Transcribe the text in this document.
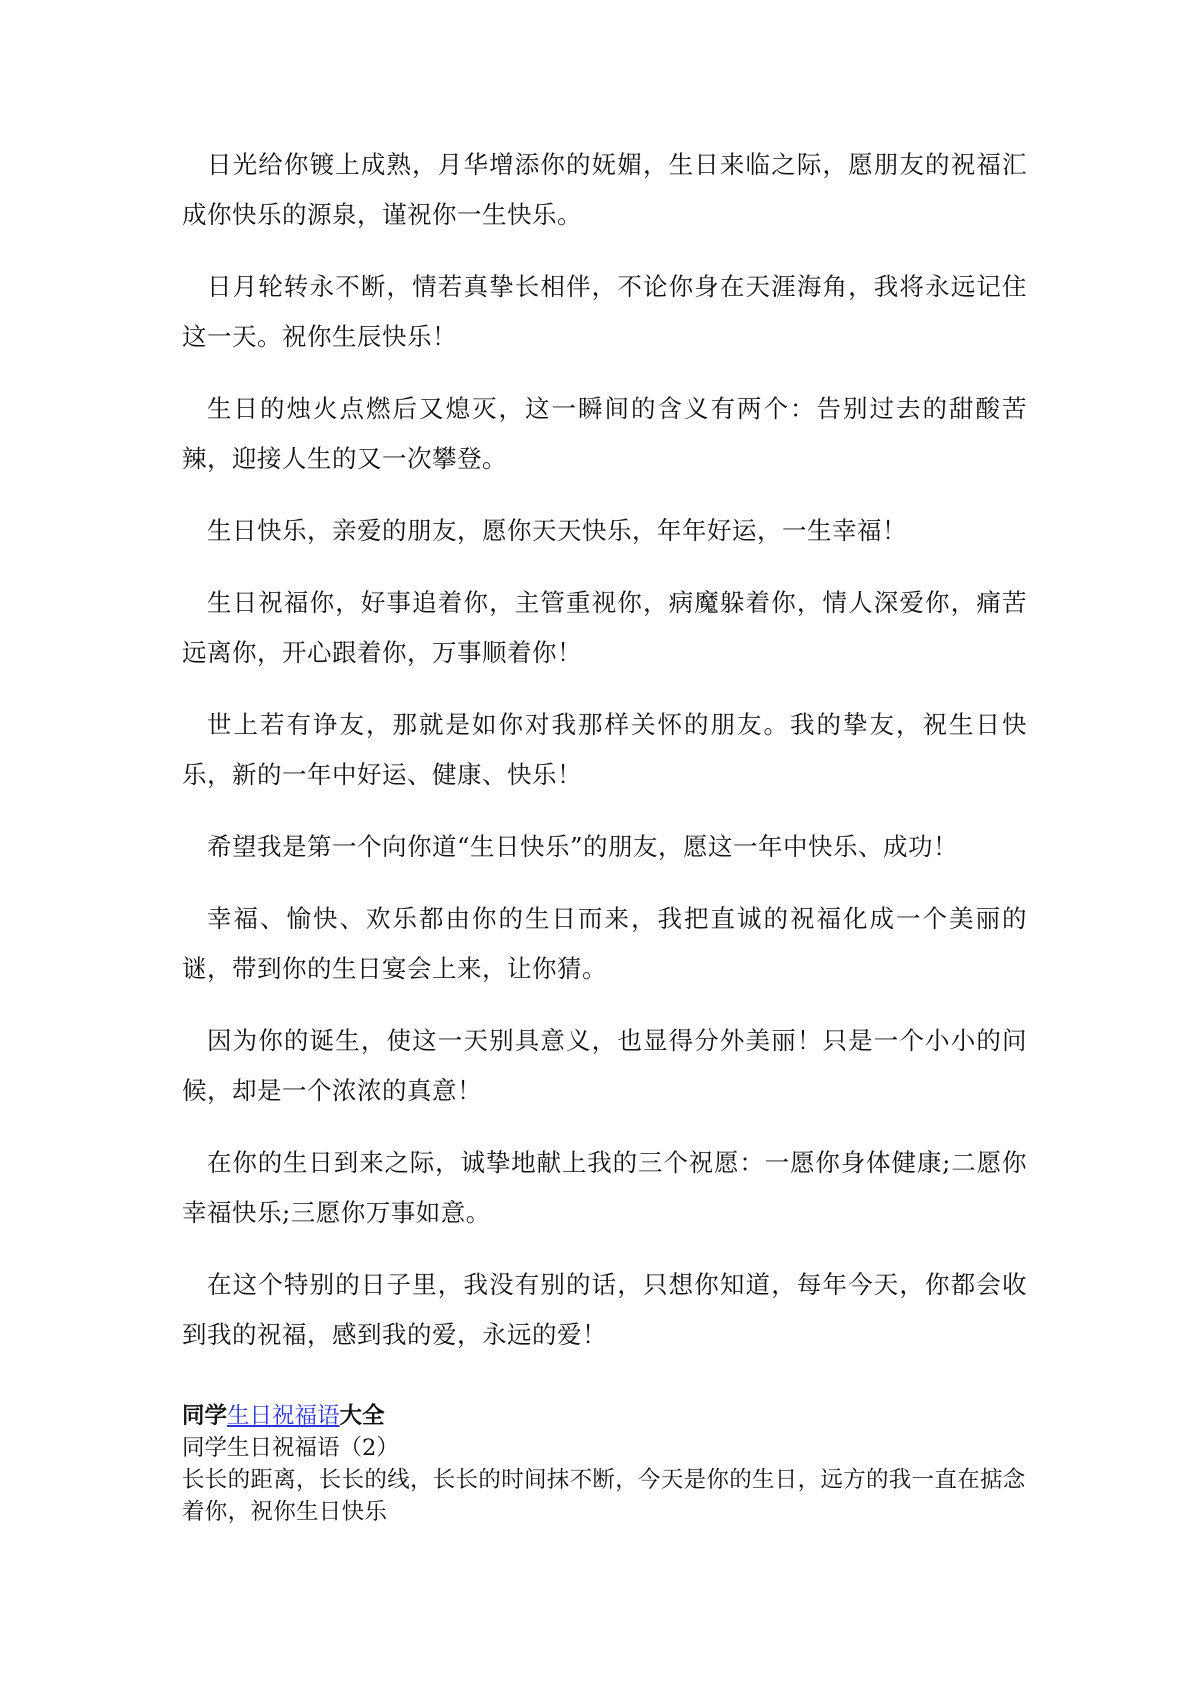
日光给你镀上成熟，月华增添你的妩媚，生日来临之际，愿朋友的祝福汇成你快乐的源泉，谨祝你一生快乐。

日月轮转永不断，情若真挚长相伴，不论你身在天涯海角，我将永远记住这一天。祝你生辰快乐！

生日的烛火点燃后又熄灭，这一瞬间的含义有两个：告别过去的甜酸苦辣，迎接人生的又一次攀登。

生日快乐，亲爱的朋友，愿你天天快乐，年年好运，一生幸福！

生日祝福你，好事追着你，主管重视你，病魔躲着你，情人深爱你，痛苦远离你，开心跟着你，万事顺着你！

世上若有诤友，那就是如你对我那样关怀的朋友。我的挚友，祝生日快乐，新的一年中好运、健康、快乐！

希望我是第一个向你道“生日快乐”的朋友，愿这一年中快乐、成功！

幸福、愉快、欢乐都由你的生日而来，我把直诚的祝福化成一个美丽的谜，带到你的生日宴会上来，让你猜。

因为你的诞生，使这一天别具意义，也显得分外美丽！只是一个小小的问候，却是一个浓浓的真意！

在你的生日到来之际，诚挚地献上我的三个祝愿：一愿你身体健康;二愿你幸福快乐;三愿你万事如意。

在这个特别的日子里，我没有别的话，只想你知道，每年今天，你都会收到我的祝福，感到我的爱，永远的爱！

同学生日祝福语大全

同学生日祝福语（2）

长长的距离，长长的线，长长的时间抹不断，今天是你的生日，远方的我一直在掂念着你，祝你生日快乐
